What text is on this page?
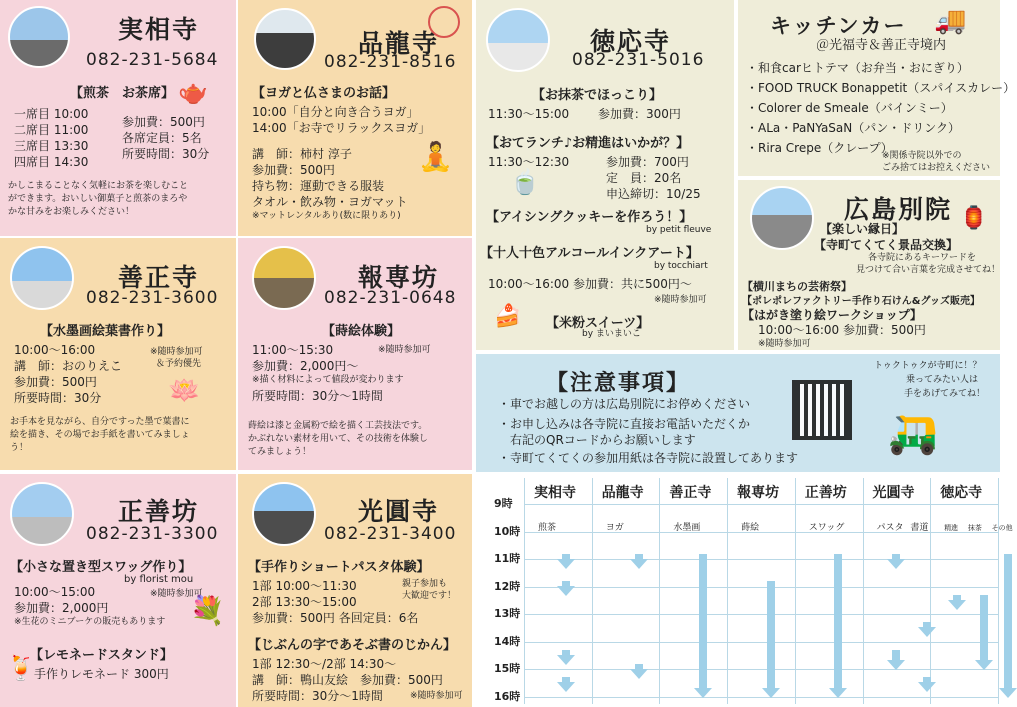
実相寺
082-231-5684
【煎茶　お茶席】 🫖
一席目 10:00
二席目 11:00
三席目 13:30
四席目 14:30
参加費：500円
各席定員：5名
所要時間：30分
かしこまることなく気軽にお茶を楽しむこと
ができます。おいしい御菓子と煎茶のまろや
かな甘みをお楽しみください！
品龍寺
082-231-8516
【ヨガと仏さまのお話】
10:00「自分と向き合うヨガ」
14:00「お寺でリラックスヨガ」
講　師：柿村 淳子
参加費：500円
持ち物：運動できる服装
タオル・飲み物・ヨガマット
※マットレンタルあり(数に限りあり)
🧘
徳応寺
082-231-5016
【お抹茶でほっこり】
11:30～15:00 参加費：300円
【おてランチ♪お精進はいかが？】
11:30～12:30	参加費：700円
定　員：20名
申込締切：10/25
🍵
【アイシングクッキーを作ろう！】
by petit fleuve
【十人十色アルコールインクアート】
by tocchiart
10:00～16:00 参加費：共に500円～
※随時参加可
【米粉スイーツ】
by まいまいこ
🍰
キッチンカー 🚚
＠光福寺＆善正寺境内
・和食carヒトテマ（お弁当・おにぎり）
・FOOD TRUCK Bonappetit（スパイスカレー）
・Colorer de Smeale（バインミー）
・ALa・PaNYaSaN（パン・ドリンク）
・Rira Crepe（クレープ）
※関係寺院以外での
ごみ捨てはお控えください
広島別院 🏮
【楽しい縁日】
【寺町てくてく景品交換】
各寺院にあるキーワードを
見つけて合い言葉を完成させてね！
【横川まちの芸術祭】
【ポレポレファクトリー手作り石けん&グッズ販売】
【はがき塗り絵ワークショップ】
10:00～16:00 参加費：500円
※随時参加可
善正寺
082-231-3600
【水墨画絵葉書作り】
10:00～16:00
講　師：おのりえこ
参加費：500円
所要時間：30分
※随時参加可
＆予約優先
🪷
お手本を見ながら、自分ですった墨で葉書に
絵を描き、その場でお手紙を書いてみましょ
う！
報専坊
082-231-0648
【蒔絵体験】
11:00～15:30	※随時参加可
参加費：2,000円～
※描く材料によって値段が変わります
所要時間：30分～1時間
蒔絵は漆と金属粉で絵を描く工芸技法です。
かぶれない素材を用いて、その技術を体験し
てみましょう！
【注意事項】
・車でお越しの方は広島別院にお停めください
・お申し込みは各寺院に直接お電話いただくか
　右記のQRコードからお願いします
・寺町てくてくの参加用紙は各寺院に設置してあります
トゥクトゥクが寺町に！？
乗ってみたい人は
手をあげてみてね！
🛺
正善坊
082-231-3300
【小さな置き型スワッグ作り】
by florist mou
10:00～15:00	※随時参加可
参加費：2,000円
※生花のミニブーケの販売もあります 💐
【レモネードスタンド】
手作りレモネード 300円
🍹
光圓寺
082-231-3400
【手作りショートパスタ体験】
1部 10:00～11:30
2部 13:30～15:00
参加費：500円 各回定員：6名
親子参加も
大歓迎です！
【じぶんの字であそぶ書のじかん】
1部 12:30～/2部 14:30～
講　師：鴨山友絵　参加費：500円
所要時間：30分～1時間	※随時参加可
9時
10時
11時
12時
13時
14時
15時
16時
実相寺 品龍寺 善正寺 報専坊 正善坊 光圓寺 徳応寺
煎茶	ヨガ	水墨画	蒔絵	スワッグ	パスタ 書道 精進 抹茶 その他
